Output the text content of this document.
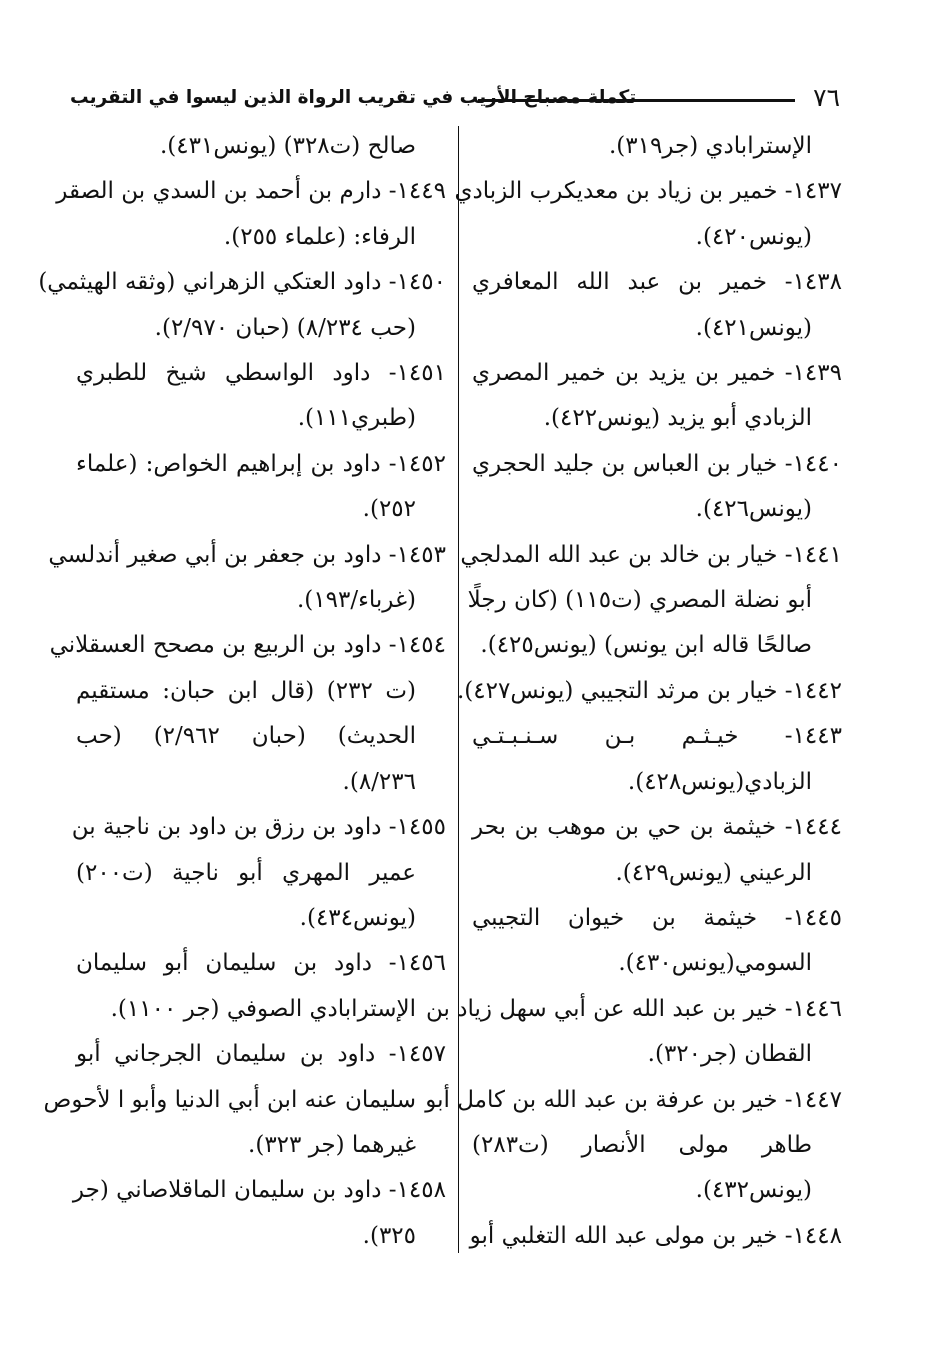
تكملة مصباح الأريب في تقريب الرواة الذين ليسوا في التقريب	٧٦
الإسترابادي (جر٣١٩).
١٤٣٧- خمير بن زياد بن معديكرب الزبادي
(يونس٤٢٠).
١٤٣٨- خمير بن عبد الله المعافري
(يونس٤٢١).
١٤٣٩- خمير بن يزيد بن خمير المصري
الزبادي أبو يزيد (يونس٤٢٢).
١٤٤٠- خيار بن العباس بن جليد الحجري
(يونس٤٢٦).
١٤٤١- خيار بن خالد بن عبد الله المدلجي
أبو نضلة المصري (ت١١٥) (كان رجلًا
صالحًا قاله ابن يونس) (يونس٤٢٥).
١٤٤٢- خيار بن مرثد التجيبي (يونس٤٢٧).
١٤٤٣- خيـثـم بـن سـنـبـتـي
الزبادي(يونس٤٢٨).
١٤٤٤- خيثمة بن حي بن موهب بن بحر
الرعيني (يونس٤٢٩).
١٤٤٥- خيثمة بن خيوان التجيبي
السومي(يونس٤٣٠).
١٤٤٦- خير بن عبد الله عن أبي سهل زياد بن
القطان (جر٣٢٠).
١٤٤٧- خير بن عرفة بن عبد الله بن كامل أبو
طاهر مولى الأنصار (ت٢٨٣)
(يونس٤٣٢).
١٤٤٨- خير بن مولى عبد الله التغلبي أبو
صالح (ت٣٢٨) (يونس٤٣١).
١٤٤٩- دارم بن أحمد بن السدي بن الصقر
الرفاء: (علماء ٢٥٥).
١٤٥٠- داود العتكي الزهراني (وثقه الهيثمي)
(حب ٨/٢٣٤) (حبان ٢/٩٧٠).
١٤٥١- داود الواسطي شيخ للطبري
(طبري١١١).
١٤٥٢- داود بن إبراهيم الخواص: (علماء
٢٥٢).
١٤٥٣- داود بن جعفر بن أبي صغير أندلسي
(غرباء/١٩٣).
١٤٥٤- داود بن الربيع بن مصحح العسقلاني
(ت ٢٣٢) (قال ابن حبان: مستقيم
الحديث) (حبان ٢/٩٦٢) (حب
٨/٢٣٦).
١٤٥٥- داود بن رزق بن داود بن ناجية بن
عمير المهري أبو ناجية (ت٢٠٠)
(يونس٤٣٤).
١٤٥٦- داود بن سليمان أبو سليمان
الإسترابادي الصوفي (جر ١١٠٠).
١٤٥٧- داود بن سليمان الجرجاني أبو
سليمان عنه ابن أبي الدنيا وأبو ا لأحوص
غيرهما (جر ٣٢٣).
١٤٥٨- داود بن سليمان الماقلاصاني (جر
٣٢٥).
